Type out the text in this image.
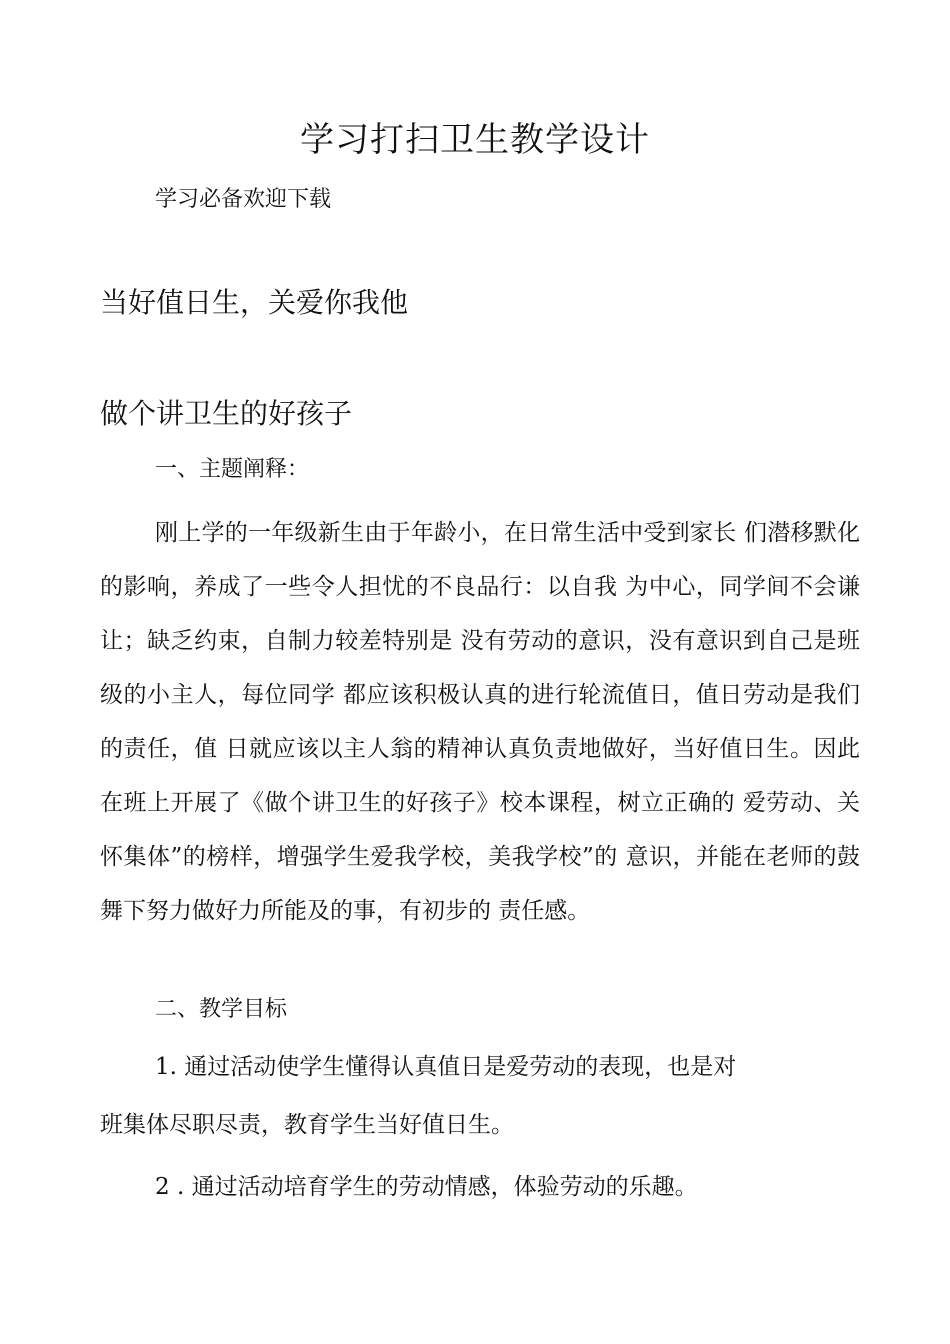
学习打扫卫生教学设计
学习必备欢迎下载
当好值日生，关爱你我他
做个讲卫生的好孩子
一、主题阐释：
刚上学的一年级新生由于年龄小，在日常生活中受到家长 们潜移默化的影响，养成了一些令人担忧的不良品行：以自我 为中心，同学间不会谦让；缺乏约束，自制力较差特别是 没有劳动的意识，没有意识到自己是班级的小主人，每位同学 都应该积极认真的进行轮流值日，值日劳动是我们的责任，值 日就应该以主人翁的精神认真负责地做好，当好值日生。因此 在班上开展了《做个讲卫生的好孩子》校本课程，树立正确的 爱劳动、关怀集体”的榜样，增强学生爱我学校，美我学校”的 意识，并能在老师的鼓舞下努力做好力所能及的事，有初步的 责任感。
二、教学目标
1. 通过活动使学生懂得认真值日是爱劳动的表现，也是对
班集体尽职尽责，教育学生当好值日生。
2 . 通过活动培育学生的劳动情感，体验劳动的乐趣。
